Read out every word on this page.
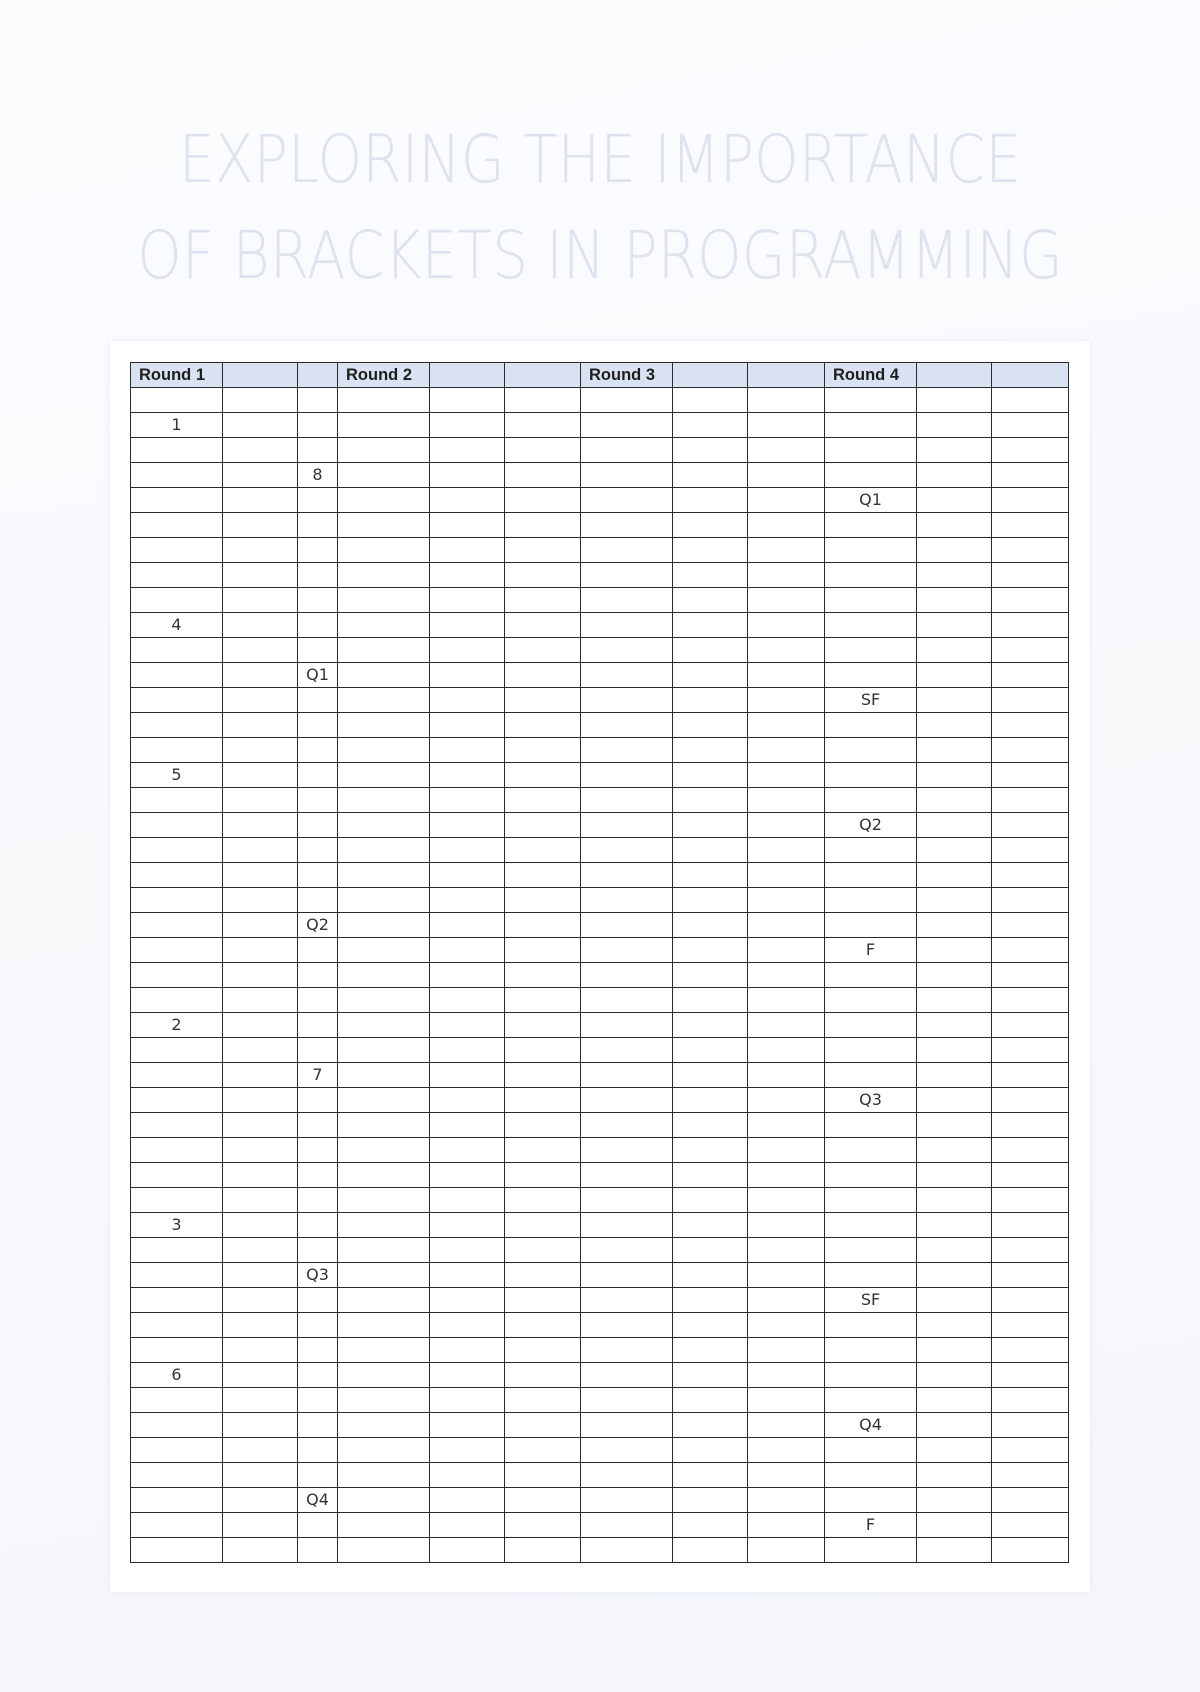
EXPLORING THE IMPORTANCE
OF BRACKETS IN PROGRAMMING
Round 1			Round 2			Round 3			Round 4		

1											

		8									
									Q1		

4											

		Q1									
									SF		

5											

									Q2		

		Q2									
									F		

2											

		7									
									Q3		

3											

		Q3									
									SF		

6											

									Q4		

		Q4									
									F		
